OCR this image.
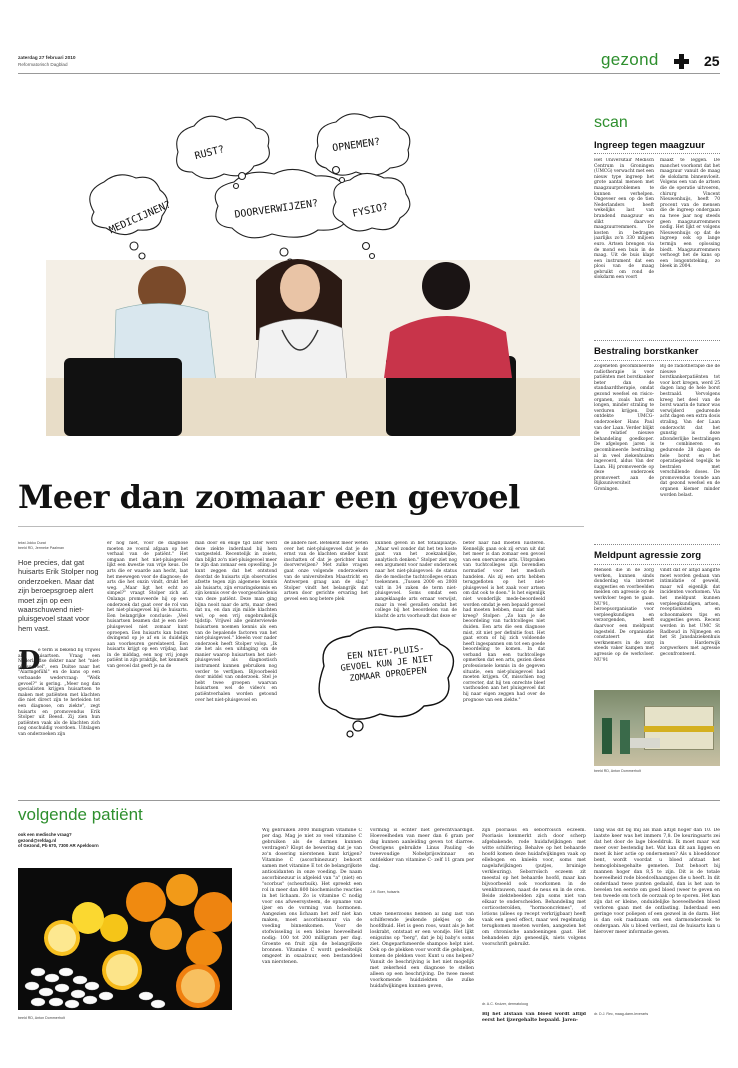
zaterdag 27 februari 2010
Reformatorisch Dagblad	gezond	25
RUST?	OPNEMEN?
DOORVERWIJZEN?
MEDICIJNEN?	FYSIO?
Meer dan zomaar een gevoel
tekst Jokko Durat
beeld RD, Jermeke Paalman
Hoe precies, dat gat huisarts Erik Stolper nog onderzoeken. Maar dat zijn beroepsgroep alert moet zijn op een waarschuwend niet-pluisgevoel staat voor hem vast.
D
e term is bekend bij vrijwel alle huisartsen. Vraag een Nederlandse dokter naar het "niet-pluisgevoel", een Duitse naar het "Alarmgefühl" en de kans op een verbaasde wedervraag: "Welk gevoel?" is gering. „Meer nog dan specialisten krijgen huisartsen te maken met patiënten met klachten die niet direct zijn te herleiden tot een diagnose, om ziekte", zegt huisarts en promovendus Erik Stolper uit Beesd. Zij zien hun patiënten vaak als de klachten zich nog onschuldig voordoen. Uitslagen van onderzoeken zijn
er nog niet, voor de diagnose moeten ze vooral afgaan op het verhaal van de patiënt." Het omgaan met het niet-pluisgevoel lijkt een kwestie van vrije keus. De arts die er waarde aan hecht, laat het meewegen voor de diagnose; de arts die het onzin vindt, drukt het weg. „Maar ligt het echt zo simpel?" vraagt Stolper zich af. Onlangs promoveerde hij op een onderzoek dat gaat over de rol van het niet-pluisgevoel bij de huisarts. Een belangrijke conclusie: „Veel huisartsen beamen dat je een niet-pluisgevoel niet zomaar kunt oproepen. Een huisarts kan buiten dwingend op je af en is duidelijk aan voorkeuren gerelateerd. Een huisarts krijgt op een vrijdag, laat in de middag, een nog vrij jonge patiënt in zijn praktijk, het kenmerk van gevoel dat geeft je na de
man door en enige tijd later werd deze ziekte inderdaad bij hem vastgesteld. Recentelijk in zoiets, dan blijkt zo'n niet-pluisgevoel meer te zijn dan zomaar een opwelling. Je kunt zeggen dat het ontstond doordat de huisarts zijn observaties afzette tegen zijn algemene kennis als huisarts, zijn ervaringskennis en zijn kennis over de voorgeschiedenis van deze patiënt. Deze man ging bijna nooit naar de arts, maar deed dat nu, en dan zijn milde klachten wel, op een vrij ongebruikelijk tijdstip. Vrijwel alle geïnterviewde huisartsen noemen kennis als een van de bepalende factoren van het niet-pluisgevoel." Ideeën voor nader onderzoek heeft Stolper volop. „Ik zie het als een uitdaging om de manier waarop huisartsen het niet-pluisgevoel als diagnostisch instrument kunnen gebruiken nog verder te verfijnen. Bijvoorbeeld door middel van onderzoek. Stel je hebt twee groepen waarvan huisartsen wel de video's en patiëntverhalen worden getoond over het niet-pluisgevoel en
de andere niet. Betekent meer weten over het niet-pluisgevoel dat je de ernst van de klachten sneller kunt inschatten of dat je gerichter kunt doorverwijzen? Met zulke vragen gaat onze volgende onderzoekers van de universiteiten Maastricht en Antwerpen graag aan de slag." Stolper vindt het belangrijk dat artsen door gerichte ervaring het gevoel een nog betere plek
kunnen geven in het totaalplaatje. „Maar wel zonder dat het ten koste gaat van het zoekzakelijke, analytisch denken." Stolper ziet nog een argument voor nader onderzoek naar het niet-pluisgevoel: de status die de medische tuchtcolleges eraan toekennen. „Tussen 2000 en 2008 valt in 34 zaken de term niet-pluisgevoel. Soms omdat een aangeklaagde arts ernaar verwijst, maar in veel gevallen omdat het college bij het beoordelen van de klacht de arts voorhoudt dat deze er
beter naar had moeten luisteren. Kennelijk gaan ook zij ervan uit dat het meer is dan zomaar een gevoel van een onervarene arts. Uitspraken van tuchtcolleges zijn bovendien normatief voor het medisch handelen. Als zij een arts hebben teruggefloten op het niet-pluisgevoel is het zaak voor artsen om dat ook te doen." Is het eigenlijk niet wonderlijk mede-beoordeeld worden omdat je een bepaald gevoel had moeten hebben, maar dat niet kreeg? Stolper: „Zo kun je de beoordeling van tuchtcolleges niet duiden. Een arts die een diagnose mist, zit niet per definitie fout. Het gaat erom of hij zich voldoende heeft ingespannen om tot een goede beoordeling te komen. In dat verband kan een tuchtcollege opmerken dat een arts, gezien diens professionele kennis in de gegeven situatie, een niet-pluisgevoel had moeten krijgen. Of, misschien nog correcter, dat hij ten onrechte bleef vasthouden aan het pluisgevoel dat hij naar eigen zeggen had over de prognose van een ziekte."
EEN NIET-PLUIS-
GEVOEL KUN JE NIET
ZOMAAR OPROEPEN
scan
Ingreep tegen maagzuur
Het Universitair Medisch Centrum in Groningen (UMCG) verwacht met een nieuw type ingreep het grote aantal mensen met maagzuurproblemen te kunnen verhelpen. Ongeveer een op de tien Nederlanders heeft wekelijks last van brandend maagzuur en slikt daarvoor maagzuurremmers. De kosten in bedragen jaarlijks zo'n 330 miljoen euro. Artsen brengen via de mond een buis in de maag. Uit de buis klapt een instrument dat een plooi van de maag gebruikt om rond de slokdarm een voort
maakt te leggen. De manchet voorkomt dat het maagzuur vanuit de maag de slokdarm binnenvloeit. Volgens een van de artsen die de operatie uitvoeren, chirurg Vincent Nieuwenhuijs, heeft 70 procent van de mensen die de ingreep ondergaan na twee jaar nog steeds geen maagzuurremmers nodig. Het lijkt er volgens Nieuwenhuijs op dat de ingreep ook op lange termijn een oplossing biedt. Maagzuurremmers verhoogt het de kans op een longontsteking, zo bleek in 2004.
Bestraling borstkanker
Zogeheten gecombineerde radiotherapie is voor patiënten met borstkanker beter dan de standaardtherapie, omdat gezond weefsel en risico-organen, zoals hart en longen, minder straling te verduren krijgen. Dat ontdekte UMCG-onderzoeker Hans Paul van der Laan. Verder blijkt de relatief nieuwe behandeling goedkoper. De afgelopen jaren is gecombineerde bestraling al in veel ziekenhuizen ingevoerd, aldus Van der Laan. Hij promoveerde op deze onderzoek promoveert aan de Rijksuniversiteit Groningen.
Bij de radiotherapie die de nieuwe borstkankerpatiënten tot voor kort kregen, werd 25 dagen lang de hele borst bestraald. Vervolgens kreeg het deel van de borst waarin de tumor was verwijderd gedurende acht dagen een extra dosis straling. Van der Laan onderzocht dat het gunstig is deze afzonderlijke bestralingen te combineren en gedurende 28 dagen de hele borst en het operatiegebied tegelijk te bestralen met verschillende doses. De promovendus toonde aan dat gezond weefsel en de organen kiemer minder worden belast.
Meldpunt agressie zorg
Mensen die in de zorg werken, kunnen sinds donderdag via internet suggesties en voorbeelden melden om agressie op de werkvloer tegen te gaan. NU'91, een beroepsorganisatie voor verpleegkundigen en verzorgenden, heeft daarvoor een meldpunt ingesteld. De organisatie constateert dat werknemers in de zorg steeds vaker kampen met agressie op de werkvloer. NU'91
vindt dat er altijd aangifte moet worden gedaan van intimidatie of geweld, maar wil eigenlijk dat incidenten voorkomen. Via het meldpunt kunnen verpleegkundigen, artsen, receptionisten en schoonmakers tips en suggesties geven. Recent werden in het UMC St Radboud in Nijmegen en het St Jansdalziekenhuis in Harderwijk zorgwerkers met agressie geconfronteerd.
beeld RD, Anton Dommerholt
volgende patiënt
ook een medische vraag?
gezond@refdag.nl
of Gezond, Pb 670, 7300 AR Apeldoorn
beeld RD, Anton Dommerholt
Wij gebruiken 3000 milligram vitamine C per dag. Mag je niet zo veel vitamine C gebruiken als de darmen kunnen verdragen? Klopt de bewering dat je van zo'n dosering nierstenen kunt krijgen? Vitamine C (ascorbinezuur) behoort samen met vitamine E tot de belangrijkste antioxidanten in onze voeding. De naam ascorbinezuur is afgeleid van "a" (niet) en "scorbus" (scheurbuik). Het spreekt een rol in meer dan 800 biochemische reacties in het lichaam. Zo is vitamine C nodig voor ons afweersysteem, de opname van ijzer en de vorming van hormonen. Aangezien ons lichaam het zelf niet kan maken, moet ascorbinezuur via de voeding binnenkomen. Voor de stofwisseling is een kleine hoeveelheid nodig: 100 tot 200 milligram per dag. Groente en fruit zijn de belangrijkste bronnen. Vitamine C wordt gedeeltelijk omgezet in oxaalzuur, een bestanddeel van nierstenen.
vorming is echter niet gerechtvaardigd. Hoeveelheden van meer dan 6 gram per dag kunnen aanleiding geven tot diarree. Overigens gebruikte Linus Pauling -de tweevoudige Nobelprijswinnaar en ontdekker van vitamine C- zelf 11 gram per dag.
J.H. Boer, huisarts
Onze tienerzoons hebben al lang last van schilferende jeukende plekjes op de hoofdhuid. Het is geen roos, want als je het loskrabt, ontstaat er een wondje. Het lijkt enigszins op "berg", dat je bij baby's soms ziet. Ongeparfumeerde shampoo helpt niet. Ook op de plekken voor wordt die geholpen, komen de plekken voor. Kunt u ons helpen? Vanuit de beschrijving is het niet mogelijk met zekerheid een diagnose te stellen alleen op een beschrijving. De twee meest voorkomende huidziekten die zulke huidafwijkingen kunnen geven,
zijn psoriasis en seborroïsch eczeem. Psoriasis kenmerkt zich door scherp afgebakende, rode huidafwijkingen met witte schilfering. Behalve op het behaarde hoofd komen deze huidafwijkingen vaak op ellebogen en knieën voor, soms met nagelafwijkingen (putjes, bruinige verkleuring). Seborroïsch eczeem zit meestal op het behaarde hoofd, maar kan bijvoorbeeld ook voorkomen in de wenkbrauwen, naast de neus en in de oren. Beide ziektebeelden zijn soms niet van elkaar te onderscheiden. Behandeling met corticosteroïden, "hormooncrèmes", of lotions (allees op recept verkrijgbaar) heeft vaak een goed effect, maar wel regelmatig terugkomen moeten worden, aangezien het om chronische aandoeningen gaat. Het behandelen zijn geneeslijk, niets volgens voorschrift gebruikt.
dr. A.C. Kruizer, dermatoloog
Bij het afstaan van bloed wordt altijd eerst het ijzergehalte bepaald. Jaren-
lang was dit bij mij als man altijd hoger dan 10. De laatste keer was het immers 7,8. De keuringsarts zei dat het door de lage bloeddruk. Ik moet maar wat meer over bestendig het. Wat kan dit aan liggen en moet ik hier actie op ondernemen? Als u bloeddonor bent, wordt voordat u bloed afstaat het hemoglobinegehalte gemeten. Dat behoort bij mannen hoger dan 8,5 te zijn. Dit is de totale hoeveelheid rode bloedcelhaampjes die u heeft. In dit onderdaad twee punten gedaald, dan is het aan te bevelen ten eerste om goed bloed (weer te geven en ten tweede om toch de oorzaak op te sporen. Het kan zijn dat er kleine, onduidelijke hoeveelheden bloed verloren gaan met de ontlasting. Inderdaad een geringe voor poliepen of een gezwel in de darm. Het is dan ook raadzaam om een darmonderzoek te ondergaan. Als u bloed verliest, zal de huisarts kan u hierover meer informatie geven.
dr. D.J. Rec, maag-darm-leverarts
